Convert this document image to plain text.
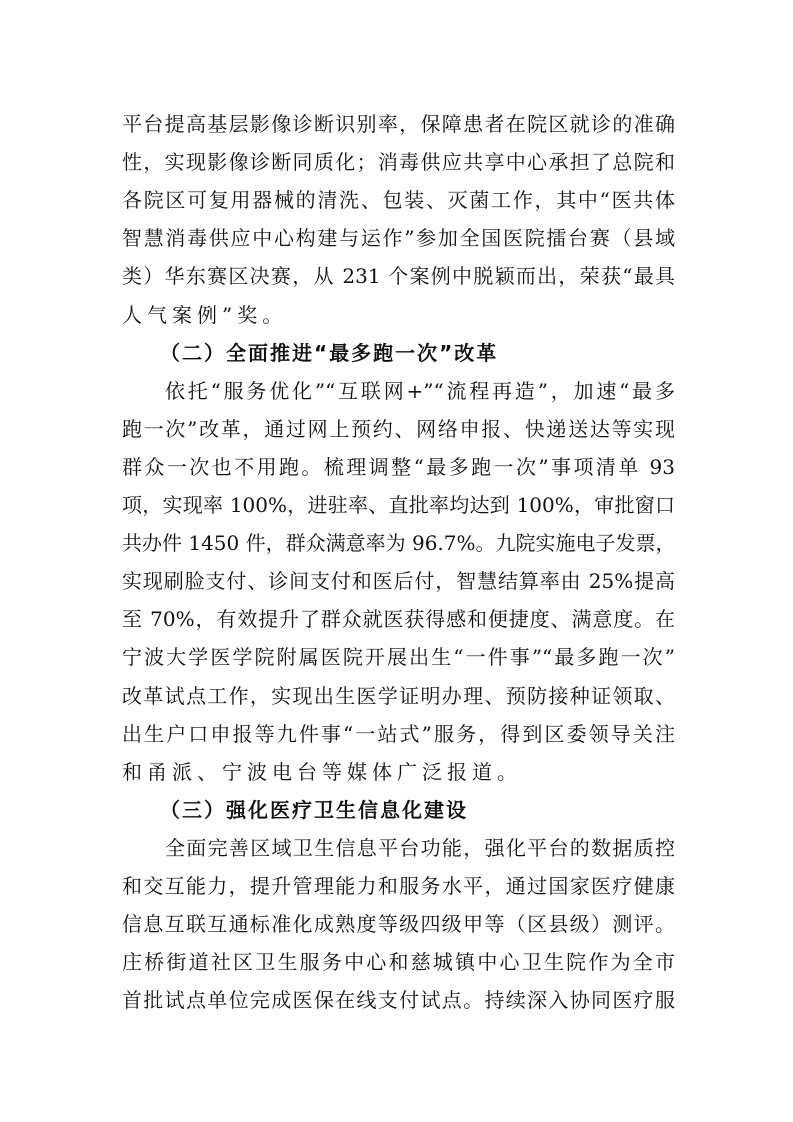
平台提高基层影像诊断识别率，保障患者在院区就诊的准确
性，实现影像诊断同质化；消毒供应共享中心承担了总院和
各院区可复用器械的清洗、包装、灭菌工作，其中“医共体
智慧消毒供应中心构建与运作”参加全国医院擂台赛（县域
类）华东赛区决赛，从 231 个案例中脱颖而出，荣获“最具
人气案例”奖。
（二）全面推进“最多跑一次”改革
依托“服务优化”“互联网+”“流程再造”，加速“最多
跑一次”改革，通过网上预约、网络申报、快递送达等实现
群众一次也不用跑。梳理调整“最多跑一次”事项清单 93
项，实现率 100%，进驻率、直批率均达到 100%，审批窗口
共办件 1450 件，群众满意率为 96.7%。九院实施电子发票，
实现刷脸支付、诊间支付和医后付，智慧结算率由 25%提高
至 70%，有效提升了群众就医获得感和便捷度、满意度。在
宁波大学医学院附属医院开展出生“一件事”“最多跑一次”
改革试点工作，实现出生医学证明办理、预防接种证领取、
出生户口申报等九件事“一站式”服务，得到区委领导关注
和甬派、宁波电台等媒体广泛报道。
（三）强化医疗卫生信息化建设
全面完善区域卫生信息平台功能，强化平台的数据质控
和交互能力，提升管理能力和服务水平，通过国家医疗健康
信息互联互通标准化成熟度等级四级甲等（区县级）测评。
庄桥街道社区卫生服务中心和慈城镇中心卫生院作为全市
首批试点单位完成医保在线支付试点。持续深入协同医疗服
